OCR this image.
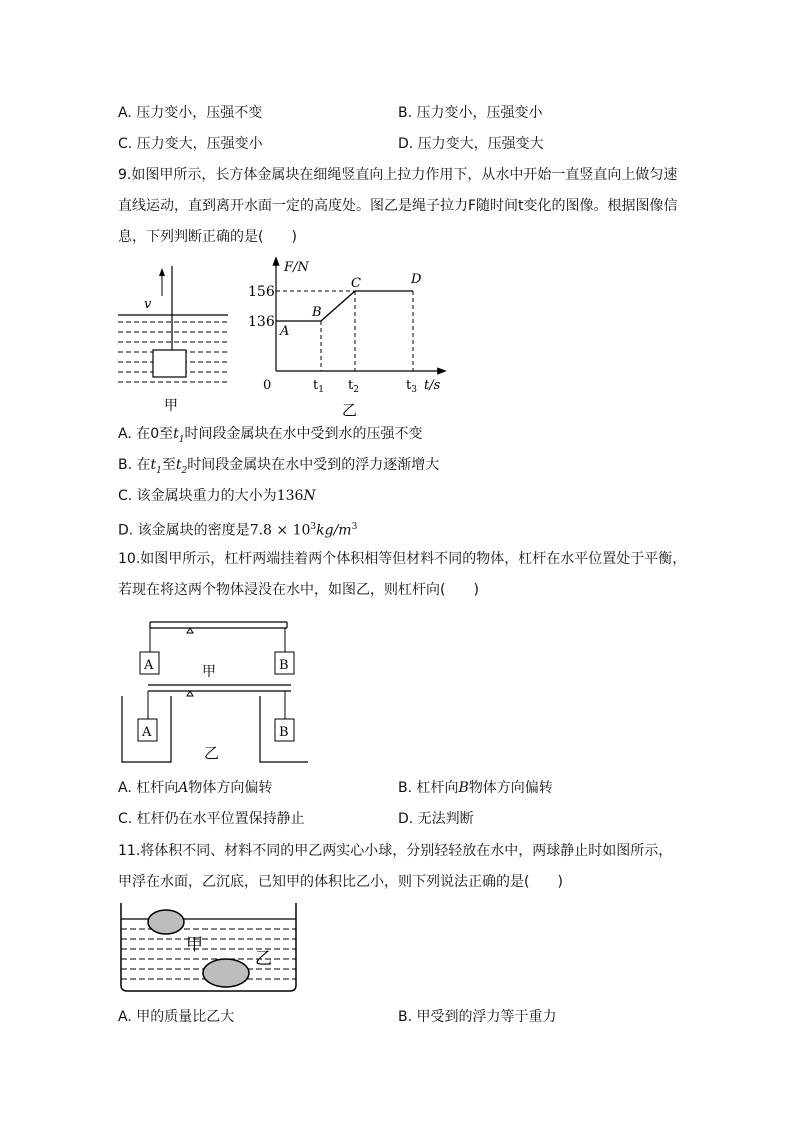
A. 压力变小，压强不变	B. 压力变小，压强变小
C. 压力变大，压强变小	D. 压力变大，压强变大
9.如图甲所示，长方体金属块在细绳竖直向上拉力作用下，从水中开始一直竖直向上做匀速
直线运动，直到离开水面一定的高度处。图乙是绳子拉力F随时间t变化的图像。根据图像信
息，下列判断正确的是(　　)
v
甲
F/N
t/s
0
156
136
$t_1$ $t_2$	$t_3$
A
B
C	D
乙
A. 在0至$t_1$时间段金属块在水中受到水的压强不变
B. 在$t_1$至$t_2$时间段金属块在水中受到的浮力逐渐增大
C. 该金属块重力的大小为136N
D. 该金属块的密度是$7.8 \times 10^3kg/m^3$
10.如图甲所示，杠杆两端挂着两个体积相等但材料不同的物体，杠杆在水平位置处于平衡，
若现在将这两个物体浸没在水中，如图乙，则杠杆向(　　)
A	B
甲
A	B
乙
A. 杠杆向A物体方向偏转	B. 杠杆向B物体方向偏转
C. 杠杆仍在水平位置保持静止	D. 无法判断
11.将体积不同、材料不同的甲乙两实心小球，分别轻轻放在水中，两球静止时如图所示，
甲浮在水面，乙沉底，已知甲的体积比乙小，则下列说法正确的是(　　)
甲
乙
A. 甲的质量比乙大	B. 甲受到的浮力等于重力
